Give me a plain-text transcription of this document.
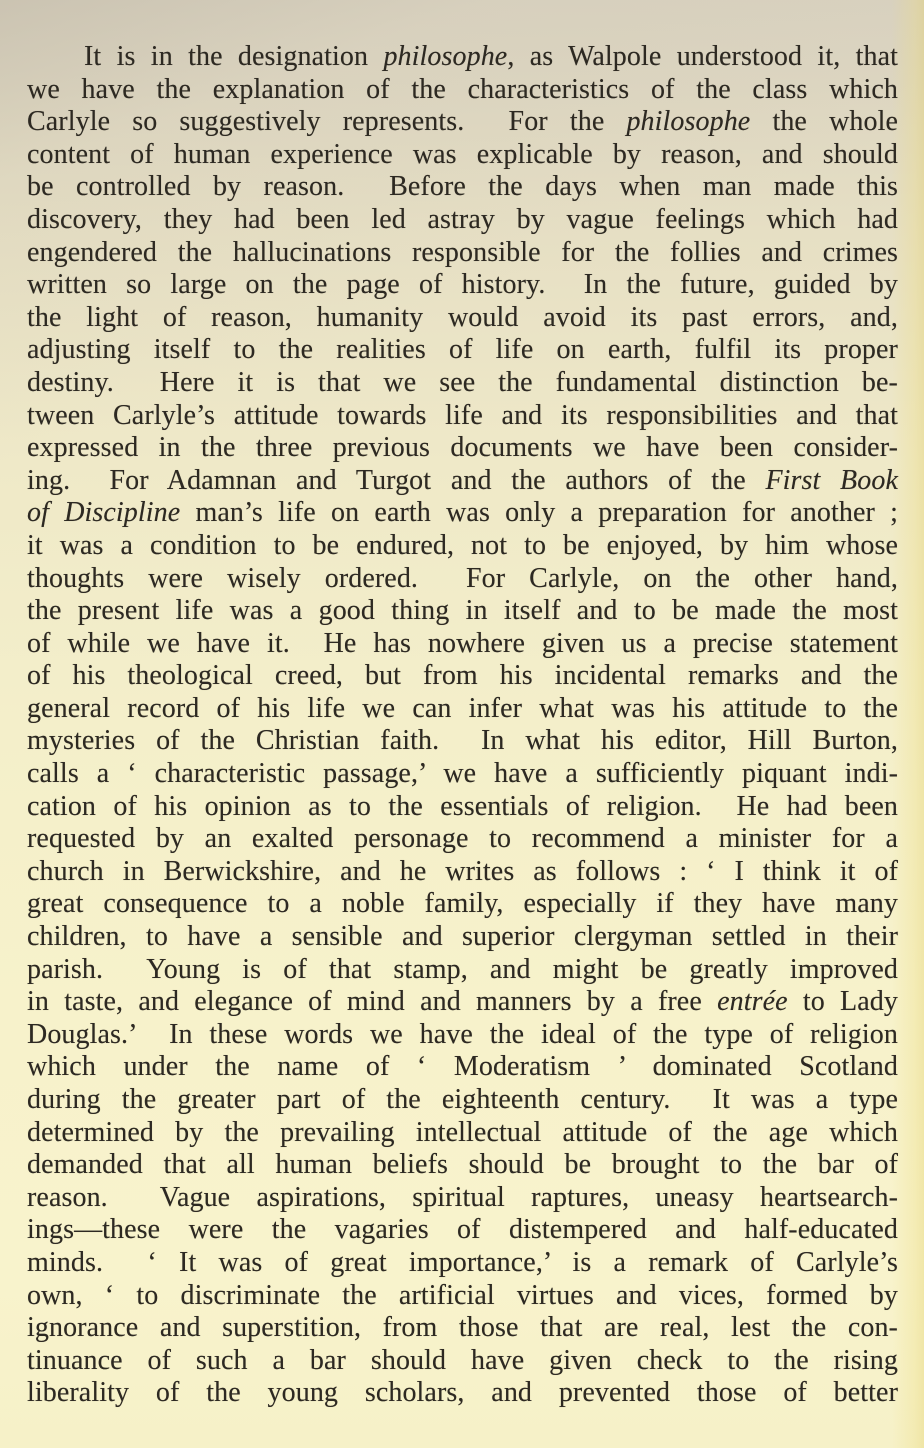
It is in the designation philosophe, as Walpole understood it, that
we have the explanation of the characteristics of the class which
Carlyle so suggestively represents.  For the philosophe the whole
content of human experience was explicable by reason, and should
be controlled by reason.  Before the days when man made this
discovery, they had been led astray by vague feelings which had
engendered the hallucinations responsible for the follies and crimes
written so large on the page of history.  In the future, guided by
the light of reason, humanity would avoid its past errors, and,
adjusting itself to the realities of life on earth, fulfil its proper
destiny.  Here it is that we see the fundamental distinction be-
tween Carlyle’s attitude towards life and its responsibilities and that
expressed in the three previous documents we have been consider-
ing.  For Adamnan and Turgot and the authors of the First Book
of Discipline man’s life on earth was only a preparation for another ;
it was a condition to be endured, not to be enjoyed, by him whose
thoughts were wisely ordered.  For Carlyle, on the other hand,
the present life was a good thing in itself and to be made the most
of while we have it.  He has nowhere given us a precise statement
of his theological creed, but from his incidental remarks and the
general record of his life we can infer what was his attitude to the
mysteries of the Christian faith.  In what his editor, Hill Burton,
calls a ‘ characteristic passage,’ we have a sufficiently piquant indi-
cation of his opinion as to the essentials of religion.  He had been
requested by an exalted personage to recommend a minister for a
church in Berwickshire, and he writes as follows : ‘ I think it of
great consequence to a noble family, especially if they have many
children, to have a sensible and superior clergyman settled in their
parish.  Young is of that stamp, and might be greatly improved
in taste, and elegance of mind and manners by a free entrée to Lady
Douglas.’  In these words we have the ideal of the type of religion
which under the name of ‘ Moderatism ’ dominated Scotland
during the greater part of the eighteenth century.  It was a type
determined by the prevailing intellectual attitude of the age which
demanded that all human beliefs should be brought to the bar of
reason.  Vague aspirations, spiritual raptures, uneasy heartsearch-
ings—these were the vagaries of distempered and half-educated
minds.  ‘ It was of great importance,’ is a remark of Carlyle’s
own, ‘ to discriminate the artificial virtues and vices, formed by
ignorance and superstition, from those that are real, lest the con-
tinuance of such a bar should have given check to the rising
liberality of the young scholars, and prevented those of better
